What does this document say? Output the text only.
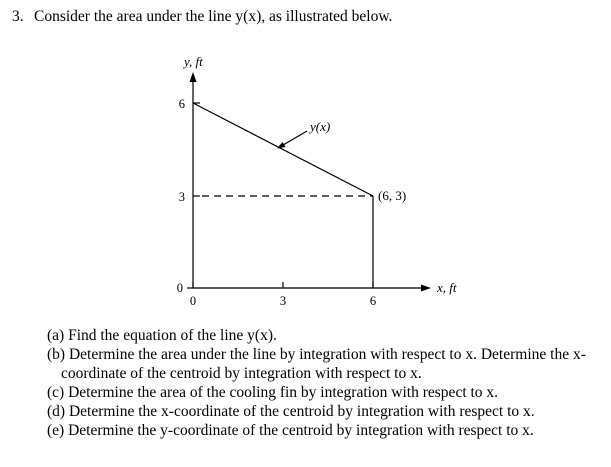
3. Consider the area under the line y(x), as illustrated below.
y, ft
x, ft
6
3
0
0	3	6
y(x)
(6, 3)
(a) Find the equation of the line y(x).
(b) Determine the area under the line by integration with respect to x. Determine the x-coordinate of the centroid by integration with respect to x.
(c) Determine the area of the cooling fin by integration with respect to x.
(d) Determine the x-coordinate of the centroid by integration with respect to x.
(e) Determine the y-coordinate of the centroid by integration with respect to x.
